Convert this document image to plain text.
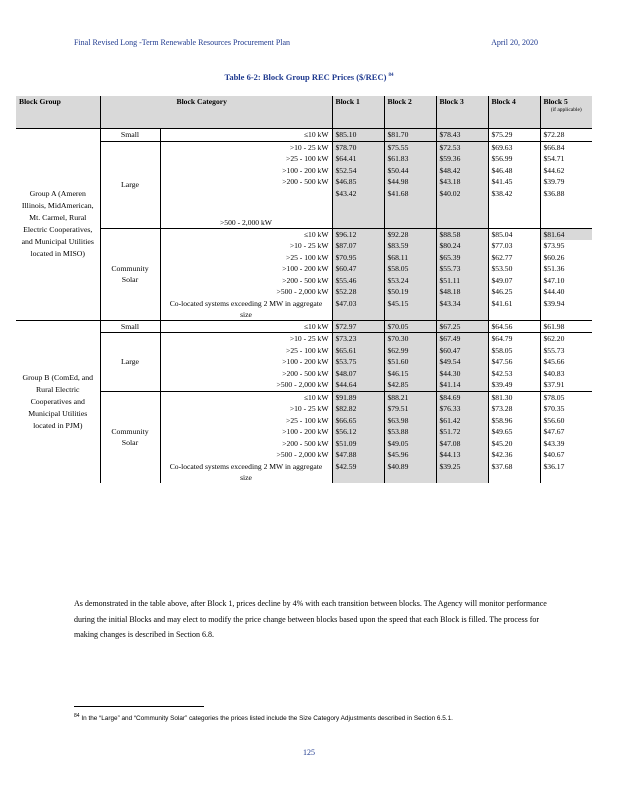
Final Revised Long -Term Renewable Resources Procurement Plan	April 20, 2020
Table 6-2: Block Group REC Prices ($/REC) $^{84}$
Block Group	Block Category		Block 1	Block 2	Block 3	Block 4	Block 5
(if applicable)

Group A (Ameren Illinois, MidAmerican, Mt. Carmel, Rural Electric Cooperatives, and Municipal Utilities located in MISO)	Small	≤10 kW	$85.10	$81.70	$78.43	$75.29	$72.28
	Large	>10 - 25 kW	$78.70	$75.55	$72.53	$69.63	$66.84
		>25 - 100 kW	$64.41	$61.83	$59.36	$56.99	$54.71
		>100 - 200 kW	$52.54	$50.44	$48.42	$46.48	$44.62
		>200 - 500 kW	$46.85	$44.98	$43.18	$41.45	$39.79
		>500 - 2,000 kW	$43.42	$41.68	$40.02	$38.42	$36.88
	Community Solar	≤10 kW	$96.12	$92.28	$88.58	$85.04	$81.64
		>10 - 25 kW	$87.07	$83.59	$80.24	$77.03	$73.95
		>25 - 100 kW	$70.95	$68.11	$65.39	$62.77	$60.26
		>100 - 200 kW	$60.47	$58.05	$55.73	$53.50	$51.36
		>200 - 500 kW	$55.46	$53.24	$51.11	$49.07	$47.10
		>500 - 2,000 kW	$52.28	$50.19	$48.18	$46.25	$44.40
		Co-located systems exceeding 2 MW in aggregate size	$47.03	$45.15	$43.34	$41.61	$39.94
Group B (ComEd, and Rural Electric Cooperatives and Municipal Utilities located in PJM)	Small	≤10 kW	$72.97	$70.05	$67.25	$64.56	$61.98
	Large	>10 - 25 kW	$73.23	$70.30	$67.49	$64.79	$62.20
		>25 - 100 kW	$65.61	$62.99	$60.47	$58.05	$55.73
		>100 - 200 kW	$53.75	$51.60	$49.54	$47.56	$45.66
		>200 - 500 kW	$48.07	$46.15	$44.30	$42.53	$40.83
		>500 - 2,000 kW	$44.64	$42.85	$41.14	$39.49	$37.91
	Community Solar	≤10 kW	$91.89	$88.21	$84.69	$81.30	$78.05
		>10 - 25 kW	$82.82	$79.51	$76.33	$73.28	$70.35
		>25 - 100 kW	$66.65	$63.98	$61.42	$58.96	$56.60
		>100 - 200 kW	$56.12	$53.88	$51.72	$49.65	$47.67
		>200 - 500 kW	$51.09	$49.05	$47.08	$45.20	$43.39
		>500 - 2,000 kW	$47.88	$45.96	$44.13	$42.36	$40.67
		Co-located systems exceeding 2 MW in aggregate size	$42.59	$40.89	$39.25	$37.68	$36.17
As demonstrated in the table above, after Block 1, prices decline by 4% with each transition between blocks. The Agency will monitor performance during the initial Blocks and may elect to modify the price change between blocks based upon the speed that each Block is filled. The process for making changes is described in Section 6.8.
$^{84}$ In the “Large” and “Community Solar” categories the prices listed include the Size Category Adjustments described in Section 6.5.1.
125
